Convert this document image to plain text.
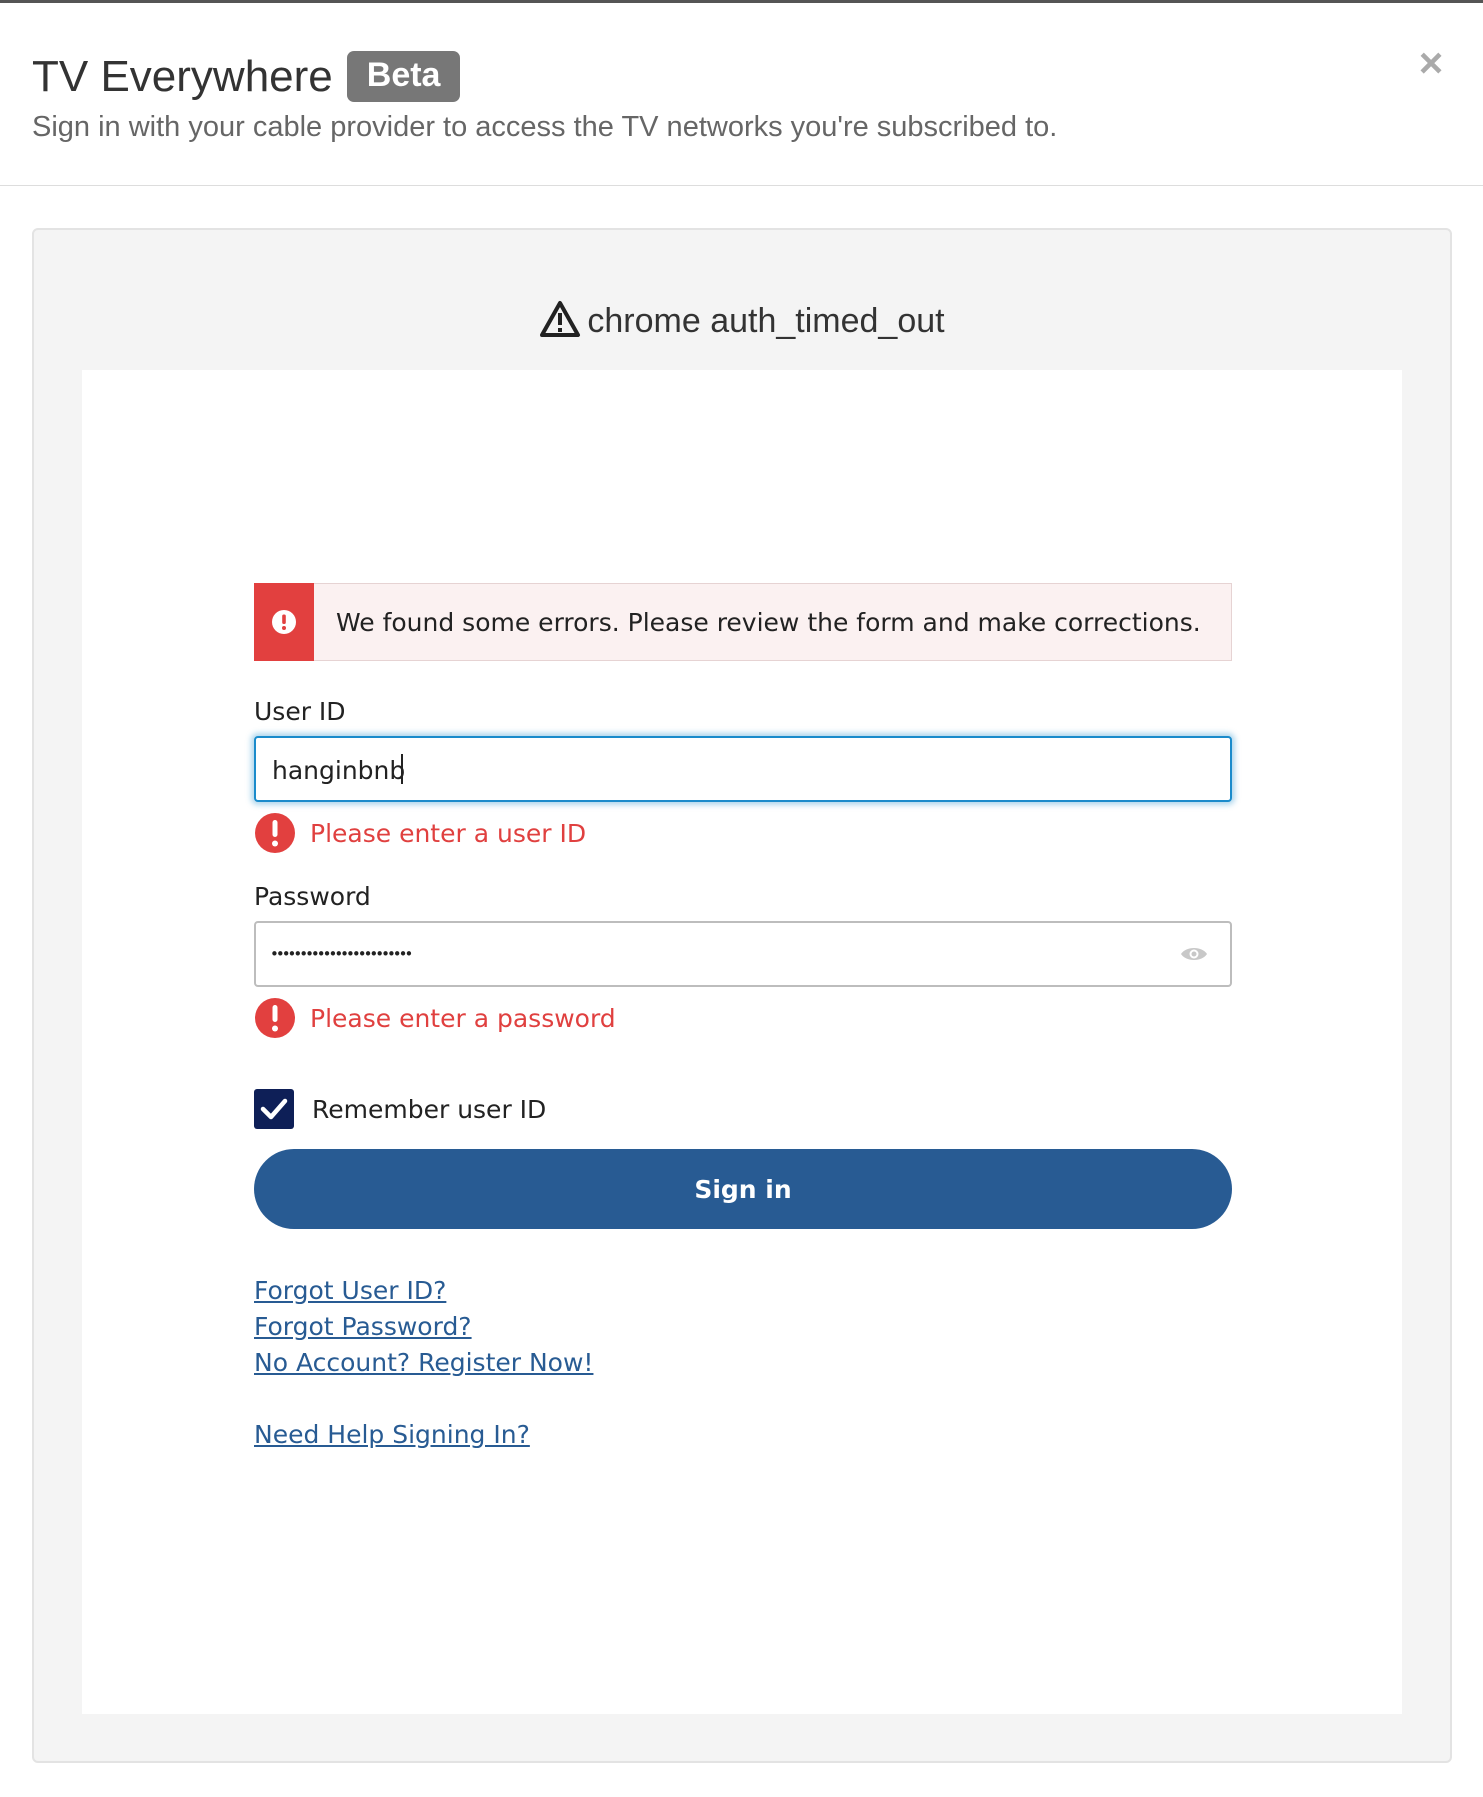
TV Everywhere	Beta
Sign in with your cable provider to access the TV networks you're subscribed to.
×
chrome auth_timed_out
We found some errors. Please review the form and make corrections.
User ID
hanginbnb
Please enter a user ID
Password
••••••••••••••••••••••••
Please enter a password
Remember user ID
Sign in
Forgot User ID?
Forgot Password?
No Account? Register Now!
Need Help Signing In?
